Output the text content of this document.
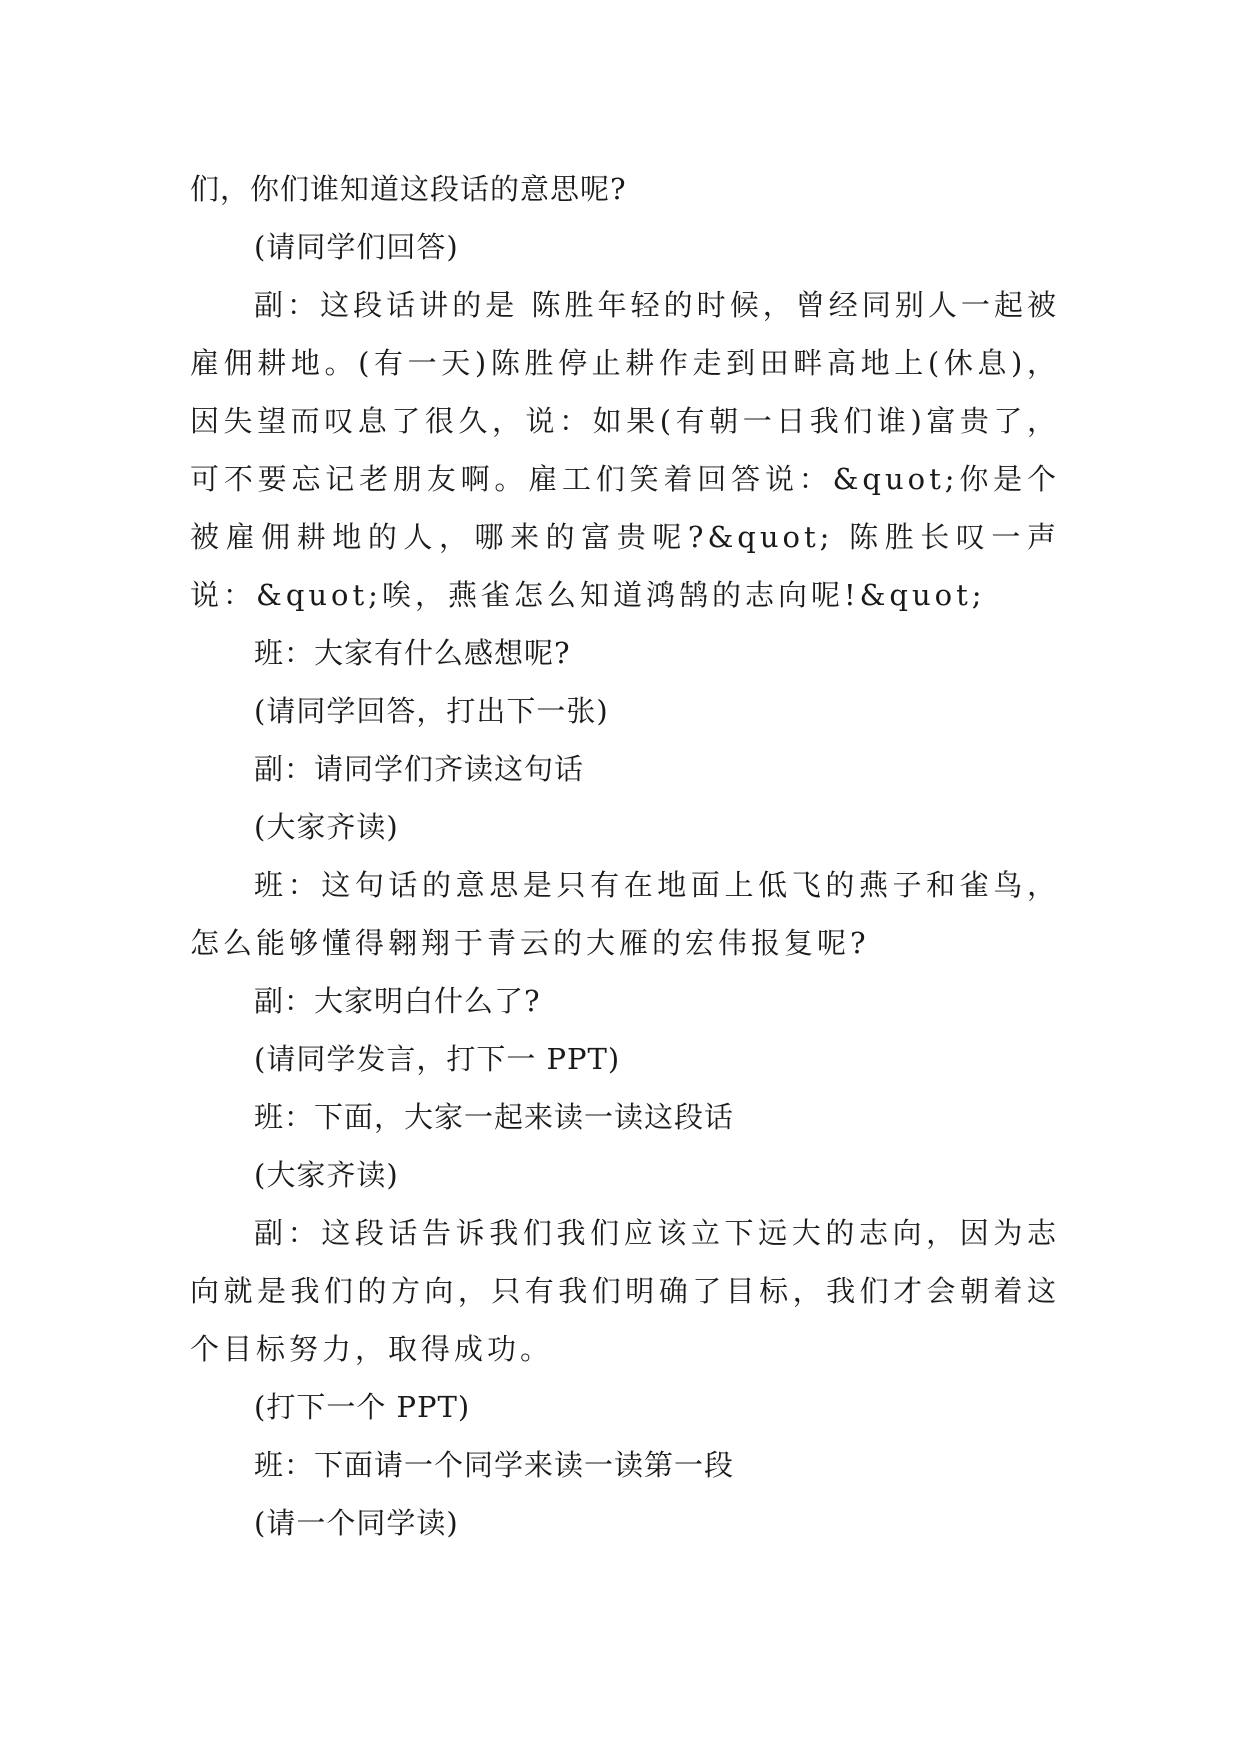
们，你们谁知道这段话的意思呢?

(请同学们回答)

副：这段话讲的是 陈胜年轻的时候，曾经同别人一起被雇佣耕地。(有一天)陈胜停止耕作走到田畔高地上(休息)，因失望而叹息了很久，说：如果(有朝一日我们谁)富贵了，可不要忘记老朋友啊。雇工们笑着回答说：&quot;你是个被雇佣耕地的人，哪来的富贵呢?&quot; 陈胜长叹一声说：&quot;唉，燕雀怎么知道鸿鹄的志向呢!&quot;

班：大家有什么感想呢?

(请同学回答，打出下一张)

副：请同学们齐读这句话

(大家齐读)

班：这句话的意思是只有在地面上低飞的燕子和雀鸟，怎么能够懂得翱翔于青云的大雁的宏伟报复呢?

副：大家明白什么了?

(请同学发言，打下一 PPT)

班：下面，大家一起来读一读这段话

(大家齐读)

副：这段话告诉我们我们应该立下远大的志向，因为志向就是我们的方向，只有我们明确了目标，我们才会朝着这个目标努力，取得成功。

(打下一个 PPT)

班：下面请一个同学来读一读第一段

(请一个同学读)
